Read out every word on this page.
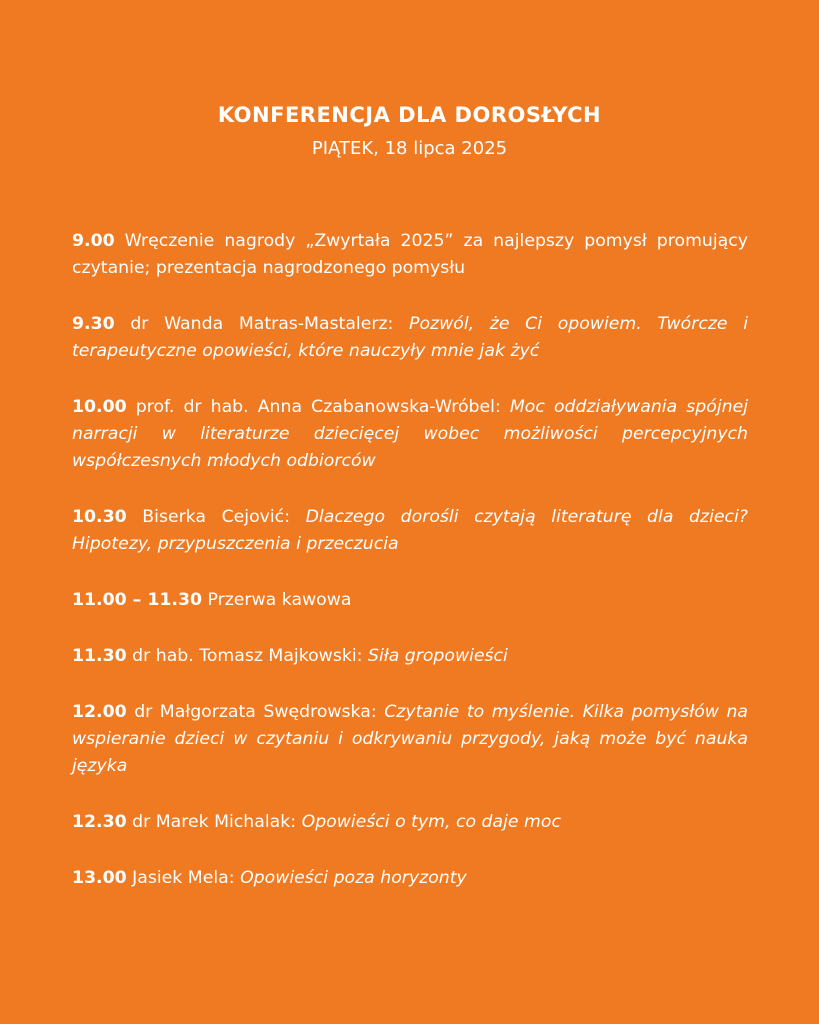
KONFERENCJA DLA DOROSŁYCH

PIĄTEK, 18 lipca 2025

9.00 Wręczenie nagrody „Zwyrtała 2025” za najlepszy pomysł promujący czytanie; prezentacja nagrodzonego pomysłu

9.30 dr Wanda Matras-Mastalerz: Pozwól, że Ci opowiem. Twórcze i terapeutyczne opowieści, które nauczyły mnie jak żyć

10.00 prof. dr hab. Anna Czabanowska-Wróbel: Moc oddziaływania spójnej narracji w literaturze dziecięcej wobec możliwości percepcyjnych współczesnych młodych odbiorców

10.30 Biserka Cejović: Dlaczego dorośli czytają literaturę dla dzieci? Hipotezy, przypuszczenia i przeczucia

11.00 – 11.30 Przerwa kawowa

11.30 dr hab. Tomasz Majkowski: Siła gropowieści

12.00 dr Małgorzata Swędrowska: Czytanie to myślenie. Kilka pomysłów na wspieranie dzieci w czytaniu i odkrywaniu przygody, jaką może być nauka języka

12.30 dr Marek Michalak: Opowieści o tym, co daje moc

13.00 Jasiek Mela: Opowieści poza horyzonty
